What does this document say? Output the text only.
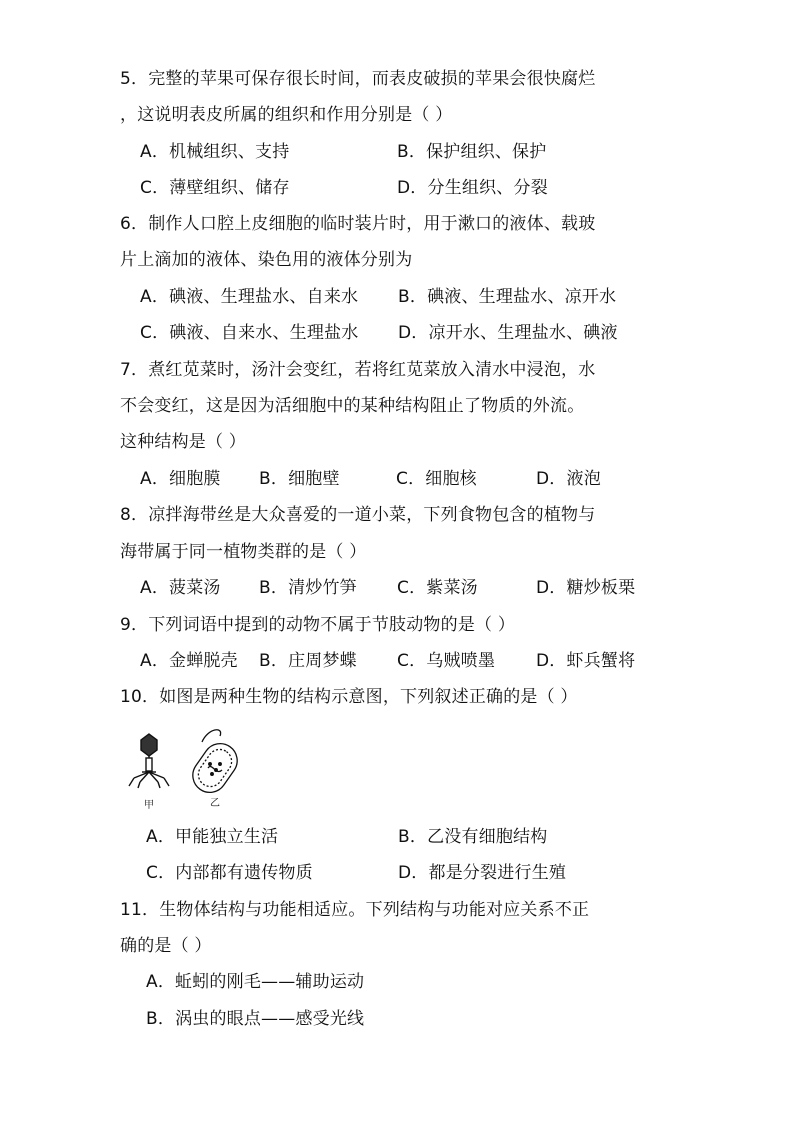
5．完整的苹果可保存很长时间，而表皮破损的苹果会很快腐烂
，这说明表皮所属的组织和作用分别是（ ）
A．机械组织、支持	B．保护组织、保护
C．薄壁组织、储存	D．分生组织、分裂
6．制作人口腔上皮细胞的临时装片时，用于漱口的液体、载玻
片上滴加的液体、染色用的液体分别为
A．碘液、生理盐水、自来水 B．碘液、生理盐水、凉开水
C．碘液、自来水、生理盐水 D．凉开水、生理盐水、碘液
7．煮红苋菜时，汤汁会变红，若将红苋菜放入清水中浸泡，水
不会变红，这是因为活细胞中的某种结构阻止了物质的外流。
这种结构是（ ）
A．细胞膜 B．细胞壁	C．细胞核	D．液泡
8．凉拌海带丝是大众喜爱的一道小菜，下列食物包含的植物与
海带属于同一植物类群的是（ ）
A．菠菜汤 B．清炒竹笋 C．紫菜汤	D．糖炒板栗
9．下列词语中提到的动物不属于节肢动物的是（ ）
A．金蝉脱壳 B．庄周梦蝶 C．乌贼喷墨 D．虾兵蟹将
10．如图是两种生物的结构示意图，下列叙述正确的是（ ）
甲	乙
A．甲能独立生活	B．乙没有细胞结构
C．内部都有遗传物质	D．都是分裂进行生殖
11．生物体结构与功能相适应。下列结构与功能对应关系不正
确的是（ ）
A．蚯蚓的刚毛——辅助运动
B．涡虫的眼点——感受光线
